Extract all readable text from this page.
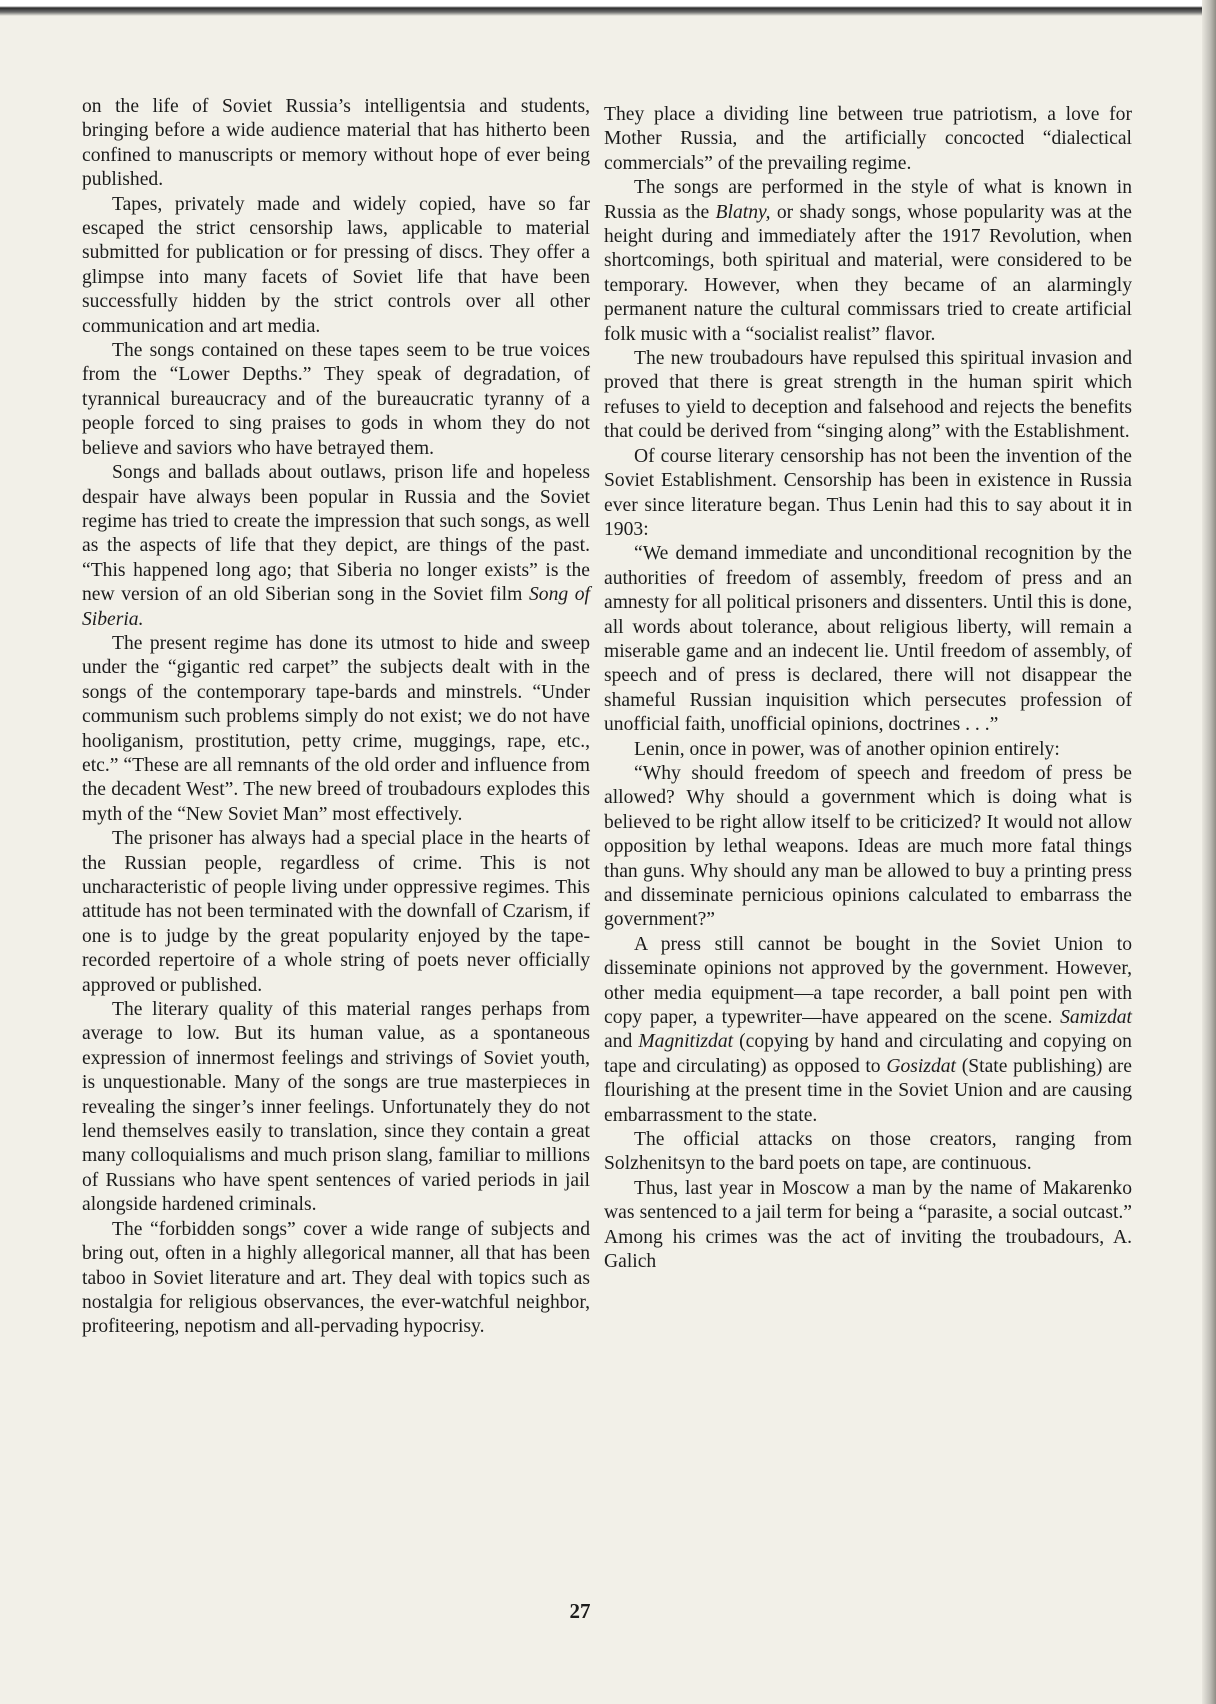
on the life of Soviet Russia’s intelligentsia and students, bringing before a wide audience material that has hitherto been confined to manuscripts or memory without hope of ever being published.

Tapes, privately made and widely copied, have so far escaped the strict censorship laws, applicable to material submitted for publication or for pressing of discs. They offer a glimpse into many facets of Soviet life that have been successfully hidden by the strict controls over all other communication and art media.

The songs contained on these tapes seem to be true voices from the “Lower Depths.” They speak of degradation, of tyrannical bureaucracy and of the bureaucratic tyranny of a people forced to sing praises to gods in whom they do not believe and saviors who have betrayed them.

Songs and ballads about outlaws, prison life and hopeless despair have always been popular in Russia and the Soviet regime has tried to create the impression that such songs, as well as the aspects of life that they depict, are things of the past. “This happened long ago; that Siberia no longer exists” is the new version of an old Siberian song in the Soviet film Song of Siberia.

The present regime has done its utmost to hide and sweep under the “gigantic red carpet” the subjects dealt with in the songs of the contemporary tape-bards and minstrels. “Under communism such problems simply do not exist; we do not have hooliganism, prostitution, petty crime, muggings, rape, etc., etc.” “These are all remnants of the old order and influence from the decadent West”. The new breed of troubadours explodes this myth of the “New Soviet Man” most effectively.

The prisoner has always had a special place in the hearts of the Russian people, regardless of crime. This is not uncharacteristic of people living under oppressive regimes. This attitude has not been terminated with the downfall of Czarism, if one is to judge by the great popularity enjoyed by the tape-recorded repertoire of a whole string of poets never officially approved or published.

The literary quality of this material ranges perhaps from average to low. But its human value, as a spontaneous expression of innermost feelings and strivings of Soviet youth, is unquestionable. Many of the songs are true masterpieces in revealing the singer’s inner feelings. Unfortunately they do not lend themselves easily to translation, since they contain a great many colloquialisms and much prison slang, familiar to millions of Russians who have spent sentences of varied periods in jail alongside hardened criminals.

The “forbidden songs” cover a wide range of subjects and bring out, often in a highly allegorical manner, all that has been taboo in Soviet literature and art. They deal with topics such as nostalgia for religious observances, the ever-watchful neighbor, profiteering, nepotism and all-pervading hypocrisy.

They place a dividing line between true patriotism, a love for Mother Russia, and the artificially concocted “dialectical commercials” of the prevailing regime.

The songs are performed in the style of what is known in Russia as the Blatny, or shady songs, whose popularity was at the height during and immediately after the 1917 Revolution, when shortcomings, both spiritual and material, were considered to be temporary. However, when they became of an alarmingly permanent nature the cultural commissars tried to create artificial folk music with a “socialist realist” flavor.

The new troubadours have repulsed this spiritual invasion and proved that there is great strength in the human spirit which refuses to yield to deception and falsehood and rejects the benefits that could be derived from “singing along” with the Establishment.

Of course literary censorship has not been the invention of the Soviet Establishment. Censorship has been in existence in Russia ever since literature began. Thus Lenin had this to say about it in 1903:

“We demand immediate and unconditional recognition by the authorities of freedom of assembly, freedom of press and an amnesty for all political prisoners and dissenters. Until this is done, all words about tolerance, about religious liberty, will remain a miserable game and an indecent lie. Until freedom of assembly, of speech and of press is declared, there will not disappear the shameful Russian inquisition which persecutes profession of unofficial faith, unofficial opinions, doctrines . . .”

Lenin, once in power, was of another opinion entirely:

“Why should freedom of speech and freedom of press be allowed? Why should a government which is doing what is believed to be right allow itself to be criticized? It would not allow opposition by lethal weapons. Ideas are much more fatal things than guns. Why should any man be allowed to buy a printing press and disseminate pernicious opinions calculated to embarrass the government?”

A press still cannot be bought in the Soviet Union to disseminate opinions not approved by the government. However, other media equipment—a tape recorder, a ball point pen with copy paper, a typewriter—have appeared on the scene. Samizdat and Magnitizdat (copying by hand and circulating and copying on tape and circulating) as opposed to Gosizdat (State publishing) are flourishing at the present time in the Soviet Union and are causing embarrassment to the state.

The official attacks on those creators, ranging from Solzhenitsyn to the bard poets on tape, are continuous.

Thus, last year in Moscow a man by the name of Makarenko was sentenced to a jail term for being a “parasite, a social outcast.” Among his crimes was the act of inviting the troubadours, A. Galich

27
